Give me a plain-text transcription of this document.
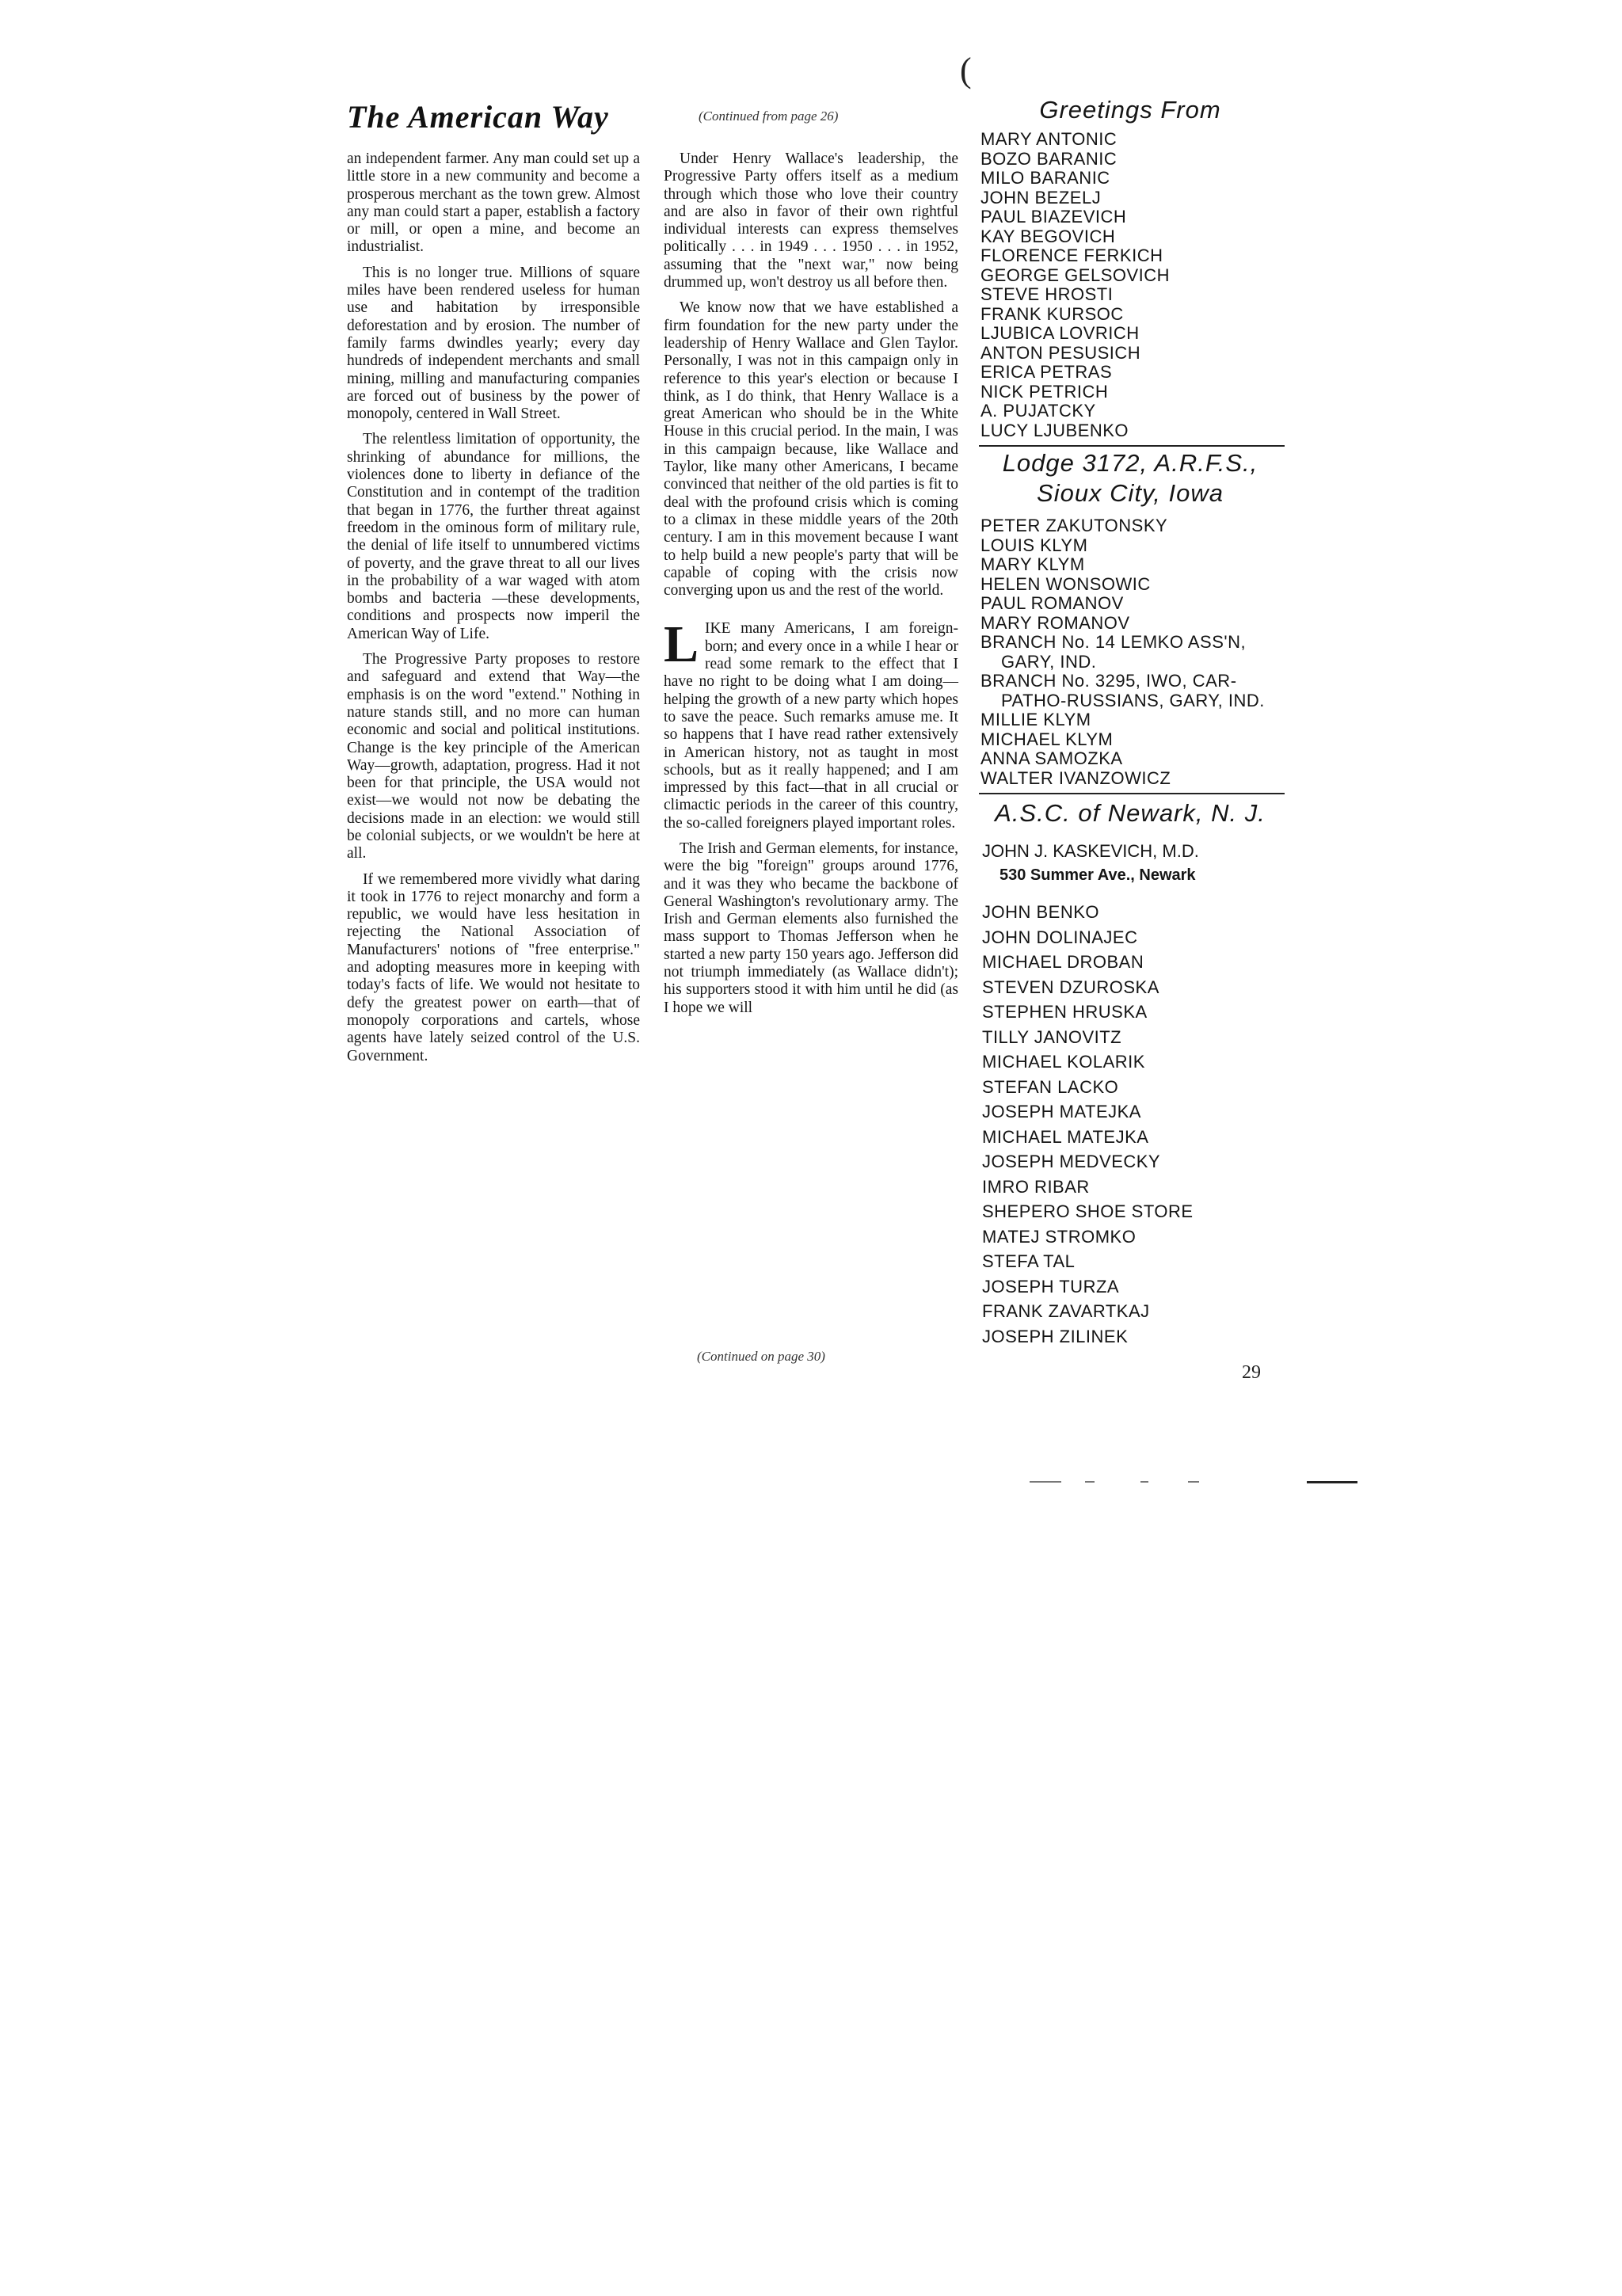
(
The American Way	(Continued from page 26)

an independent farmer. Any man could set up a little store in a new community and become a prosperous merchant as the town grew. Almost any man could start a paper, establish a factory or mill, or open a mine, and become an industrialist.

This is no longer true. Millions of square miles have been rendered useless for human use and habitation by irresponsible deforestation and by erosion. The number of family farms dwindles yearly; every day hundreds of independent merchants and small mining, milling and manufacturing companies are forced out of business by the power of monopoly, centered in Wall Street.

The relentless limitation of opportunity, the shrinking of abundance for millions, the violences done to liberty in defiance of the Constitution and in contempt of the tradition that began in 1776, the further threat against freedom in the ominous form of military rule, the denial of life itself to unnumbered victims of poverty, and the grave threat to all our lives in the probability of a war waged with atom bombs and bacteria —these developments, conditions and prospects now imperil the American Way of Life.

The Progressive Party proposes to restore and safeguard and extend that Way—the emphasis is on the word "extend." Nothing in nature stands still, and no more can human economic and social and political institutions. Change is the key principle of the American Way—growth, adaptation, progress. Had it not been for that principle, the USA would not exist—we would not now be debating the decisions made in an election: we would still be colonial subjects, or we wouldn't be here at all.

If we remembered more vividly what daring it took in 1776 to reject monarchy and form a republic, we would have less hesitation in rejecting the National Association of Manufacturers' notions of "free enterprise." and adopting measures more in keeping with today's facts of life. We would not hesitate to defy the greatest power on earth—that of monopoly corporations and cartels, whose agents have lately seized control of the U.S. Government.

Under Henry Wallace's leadership, the Progressive Party offers itself as a medium through which those who love their country and are also in favor of their own rightful individual interests can express themselves politically . . . in 1949 . . . 1950 . . . in 1952, assuming that the "next war," now being drummed up, won't destroy us all before then.

We know now that we have established a firm foundation for the new party under the leadership of Henry Wallace and Glen Taylor. Personally, I was not in this campaign only in reference to this year's election or because I think, as I do think, that Henry Wallace is a great American who should be in the White House in this crucial period. In the main, I was in this campaign because, like Wallace and Taylor, like many other Americans, I became convinced that neither of the old parties is fit to deal with the profound crisis which is coming to a climax in these middle years of the 20th century. I am in this movement because I want to help build a new people's party that will be capable of coping with the crisis now converging upon us and the rest of the world.

LIKE many Americans, I am foreign-born; and every once in a while I hear or read some remark to the effect that I have no right to be doing what I am doing—helping the growth of a new party which hopes to save the peace. Such remarks amuse me. It so happens that I have read rather extensively in American history, not as taught in most schools, but as it really happened; and I am impressed by this fact—that in all crucial or climactic periods in the career of this country, the so-called foreigners played important roles.

The Irish and German elements, for instance, were the big "foreign" groups around 1776, and it was they who became the backbone of General Washington's revolutionary army. The Irish and German elements also furnished the mass support to Thomas Jefferson when he started a new party 150 years ago. Jefferson did not triumph immediately (as Wallace didn't); his supporters stood it with him until he did (as I hope we will

(Continued on page 30)
Greetings From
MARY ANTONIC
BOZO BARANIC
MILO BARANIC
JOHN BEZELJ
PAUL BIAZEVICH
KAY BEGOVICH
FLORENCE FERKICH
GEORGE GELSOVICH
STEVE HROSTI
FRANK KURSOC
LJUBICA LOVRICH
ANTON PESUSICH
ERICA PETRAS
NICK PETRICH
A. PUJATCKY
LUCY LJUBENKO
Lodge 3172, A.R.F.S.,
Sioux City, Iowa
PETER ZAKUTONSKY
LOUIS KLYM
MARY KLYM
HELEN WONSOWIC
PAUL ROMANOV
MARY ROMANOV
BRANCH No. 14 LEMKO ASS'N,
GARY, IND.
BRANCH No. 3295, IWO, CAR-
PATHO-RUSSIANS, GARY, IND.
MILLIE KLYM
MICHAEL KLYM
ANNA SAMOZKA
WALTER IVANZOWICZ
A.S.C. of Newark, N. J.
JOHN J. KASKEVICH, M.D.
530 Summer Ave., Newark
JOHN BENKO
JOHN DOLINAJEC
MICHAEL DROBAN
STEVEN DZUROSKA
STEPHEN HRUSKA
TILLY JANOVITZ
MICHAEL KOLARIK
STEFAN LACKO
JOSEPH MATEJKA
MICHAEL MATEJKA
JOSEPH MEDVECKY
IMRO RIBAR
SHEPERO SHOE STORE
MATEJ STROMKO
STEFA TAL
JOSEPH TURZA
FRANK ZAVARTKAJ
JOSEPH ZILINEK
29
